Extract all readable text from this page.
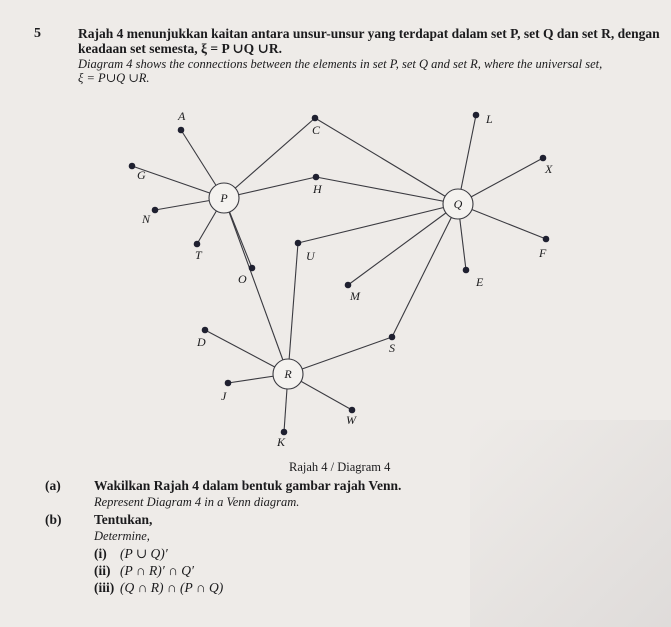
5	Rajah 4 menunjukkan kaitan antara unsur-unsur yang terdapat dalam set P, set Q dan set R, dengan
keadaan set semesta, ξ = P ∪Q ∪R.
Diagram 4 shows the connections between the elements in set P, set Q and set R, where the universal set,
ξ = P∪Q ∪R.
A
C
G
N
H
T	U
O
L
X
F
E
M
S
D
J
W
K
P	Q
R
Rajah 4 / Diagram 4
(a) Wakilkan Rajah 4 dalam bentuk gambar rajah Venn.
Represent Diagram 4 in a Venn diagram.
(b) Tentukan,
Determine,
(i) (P ∪ Q)′
(ii) (P ∩ R)′ ∩ Q′
(iii) (Q ∩ R) ∩ (P ∩ Q)
